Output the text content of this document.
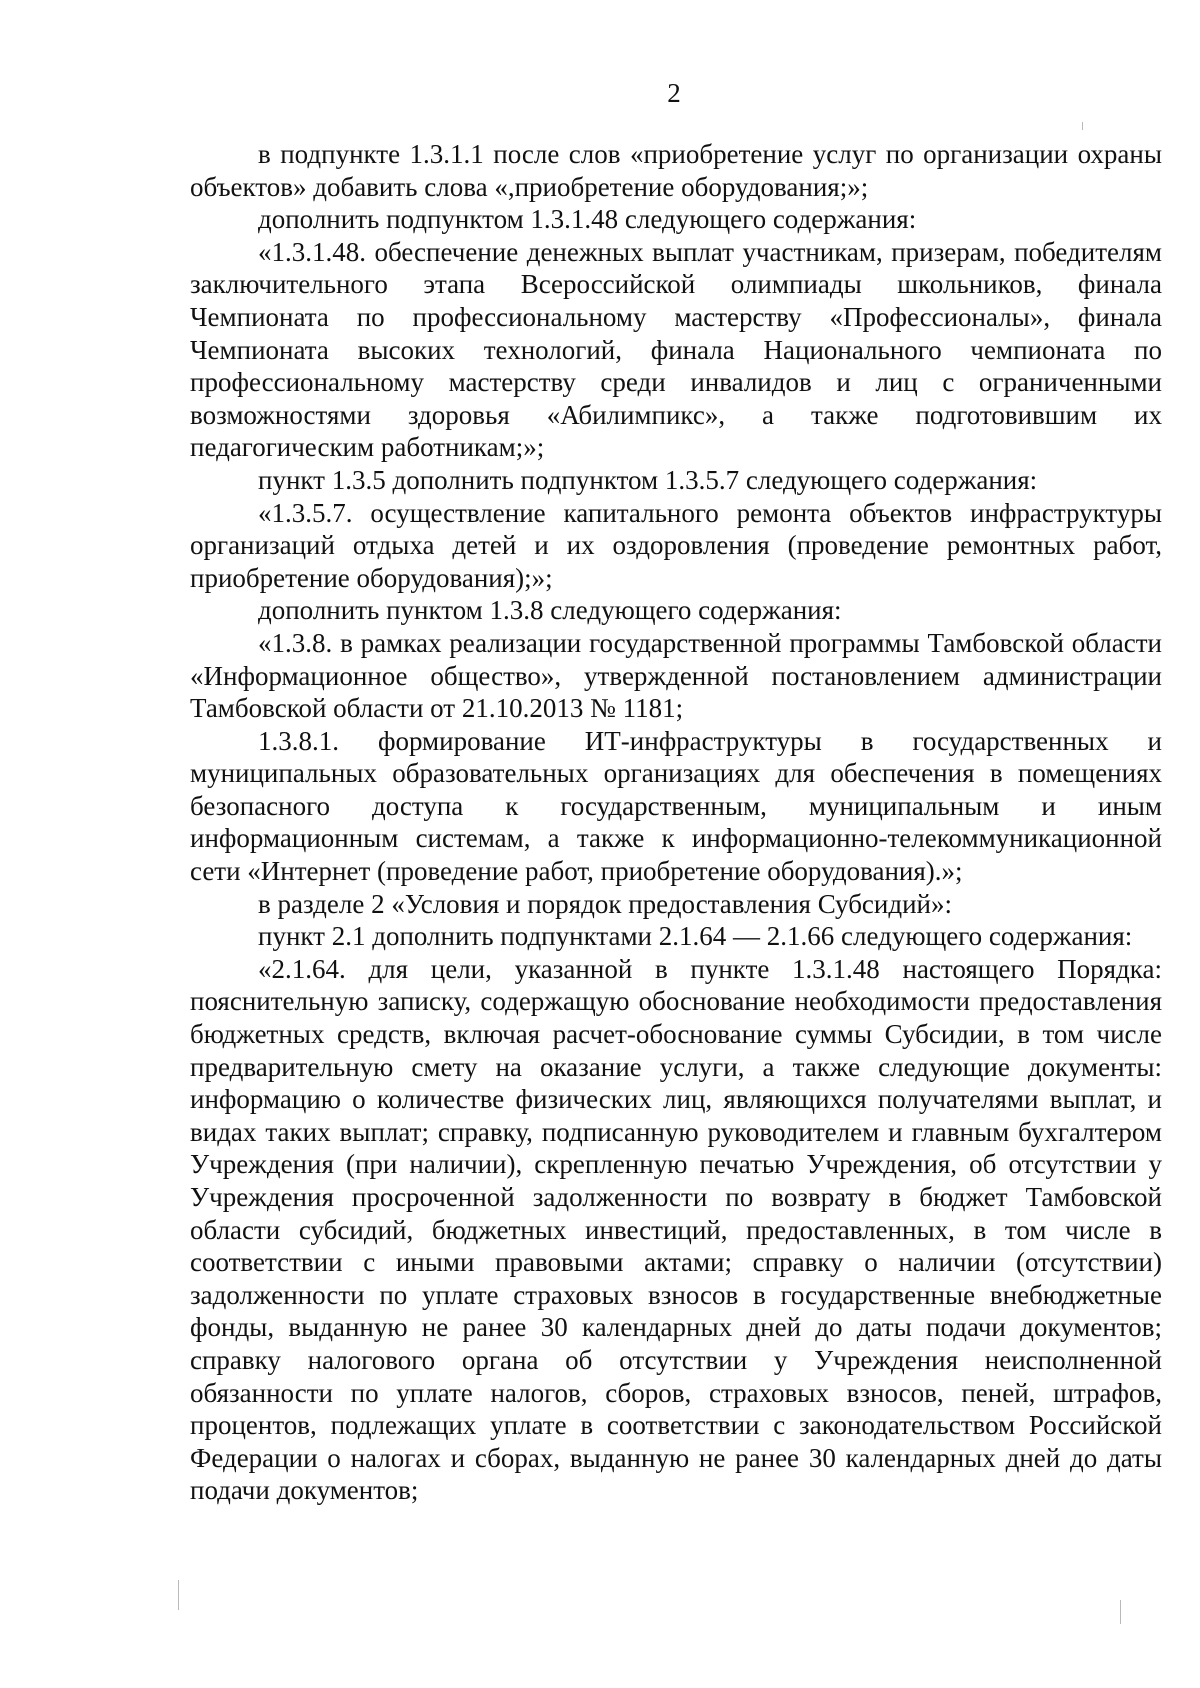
2

в подпункте 1.3.1.1 после слов «приобретение услуг по организации охраны объектов» добавить слова «,приобретение оборудования;»;

дополнить подпунктом 1.3.1.48 следующего содержания:

«1.3.1.48. обеспечение денежных выплат участникам, призерам, победителям заключительного этапа Всероссийской олимпиады школьников, финала Чемпионата по профессиональному мастерству «Профессионалы», финала Чемпионата высоких технологий, финала Национального чемпионата по профессиональному мастерству среди инвалидов и лиц с ограниченными возможностями здоровья «Абилимпикс», а также подготовившим их педагогическим работникам;»;

пункт 1.3.5 дополнить подпунктом 1.3.5.7 следующего содержания:

«1.3.5.7. осуществление капитального ремонта объектов инфраструктуры организаций отдыха детей и их оздоровления (проведение ремонтных работ, приобретение оборудования);»;

дополнить пунктом 1.3.8 следующего содержания:

«1.3.8. в рамках реализации государственной программы Тамбовской области «Информационное общество», утвержденной постановлением администрации Тамбовской области от 21.10.2013 № 1181;

1.3.8.1. формирование ИТ-инфраструктуры в государственных и муниципальных образовательных организациях для обеспечения в помещениях безопасного доступа к государственным, муниципальным и иным информационным системам, а также к информационно-телекоммуникационной сети «Интернет (проведение работ, приобретение оборудования).»;

в разделе 2 «Условия и порядок предоставления Субсидий»:

пункт 2.1 дополнить подпунктами 2.1.64 — 2.1.66 следующего содержания:

«2.1.64. для цели, указанной в пункте 1.3.1.48 настоящего Порядка: пояснительную записку, содержащую обоснование необходимости предоставления бюджетных средств, включая расчет-обоснование суммы Субсидии, в том числе предварительную смету на оказание услуги, а также следующие документы: информацию о количестве физических лиц, являющихся получателями выплат, и видах таких выплат; справку, подписанную руководителем и главным бухгалтером Учреждения (при наличии), скрепленную печатью Учреждения, об отсутствии у Учреждения просроченной задолженности по возврату в бюджет Тамбовской области субсидий, бюджетных инвестиций, предоставленных, в том числе в соответствии с иными правовыми актами; справку о наличии (отсутствии) задолженности по уплате страховых взносов в государственные внебюджетные фонды, выданную не ранее 30 календарных дней до даты подачи документов; справку налогового органа об отсутствии у Учреждения неисполненной обязанности по уплате налогов, сборов, страховых взносов, пеней, штрафов, процентов, подлежащих уплате в соответствии с законодательством Российской Федерации о налогах и сборах, выданную не ранее 30 календарных дней до даты подачи документов;
